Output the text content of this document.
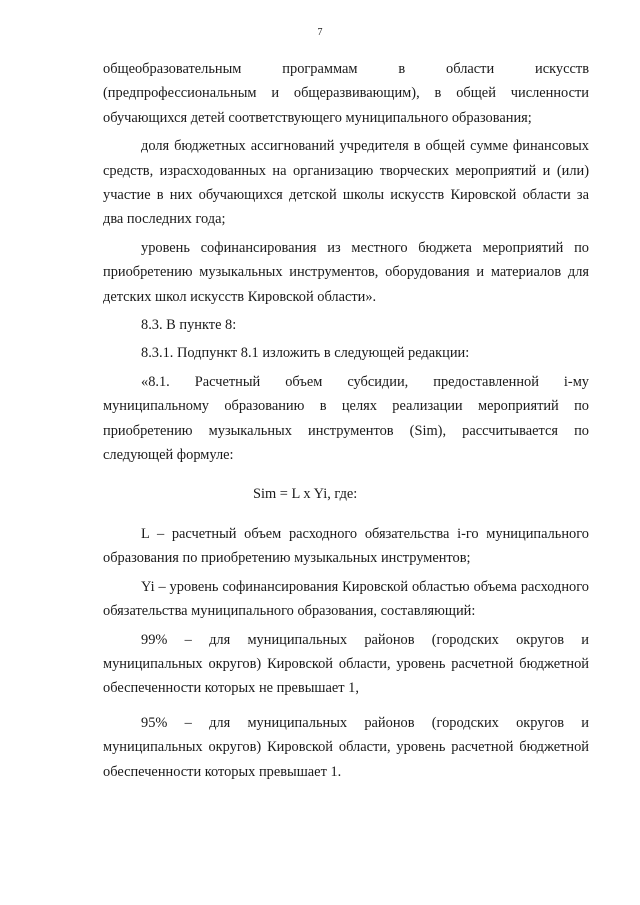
7

общеобразовательным программам в области искусств

(предпрофессиональным и общеразвивающим), в общей численности обучающихся детей соответствующего муниципального образования;

доля бюджетных ассигнований учредителя в общей сумме финансовых средств, израсходованных на организацию творческих мероприятий и (или) участие в них обучающихся детской школы искусств Кировской области за два последних года;

уровень софинансирования из местного бюджета мероприятий по приобретению музыкальных инструментов, оборудования и материалов для детских школ искусств Кировской области».

8.3. В пункте 8:

8.3.1. Подпункт 8.1 изложить в следующей редакции:

«8.1. Расчетный объем субсидии, предоставленной i-му муниципальному образованию в целях реализации мероприятий по приобретению музыкальных инструментов (Sim), рассчитывается по следующей формуле:

Sim = L x Yi, где:

L – расчетный объем расходного обязательства i-го муниципального образования по приобретению музыкальных инструментов;

Yi – уровень софинансирования Кировской областью объема расходного обязательства муниципального образования, составляющий:

99% – для муниципальных районов (городских округов и муниципальных округов) Кировской области, уровень расчетной бюджетной обеспеченности которых не превышает 1,

95% – для муниципальных районов (городских округов и муниципальных округов) Кировской области, уровень расчетной бюджетной обеспеченности которых превышает 1.
